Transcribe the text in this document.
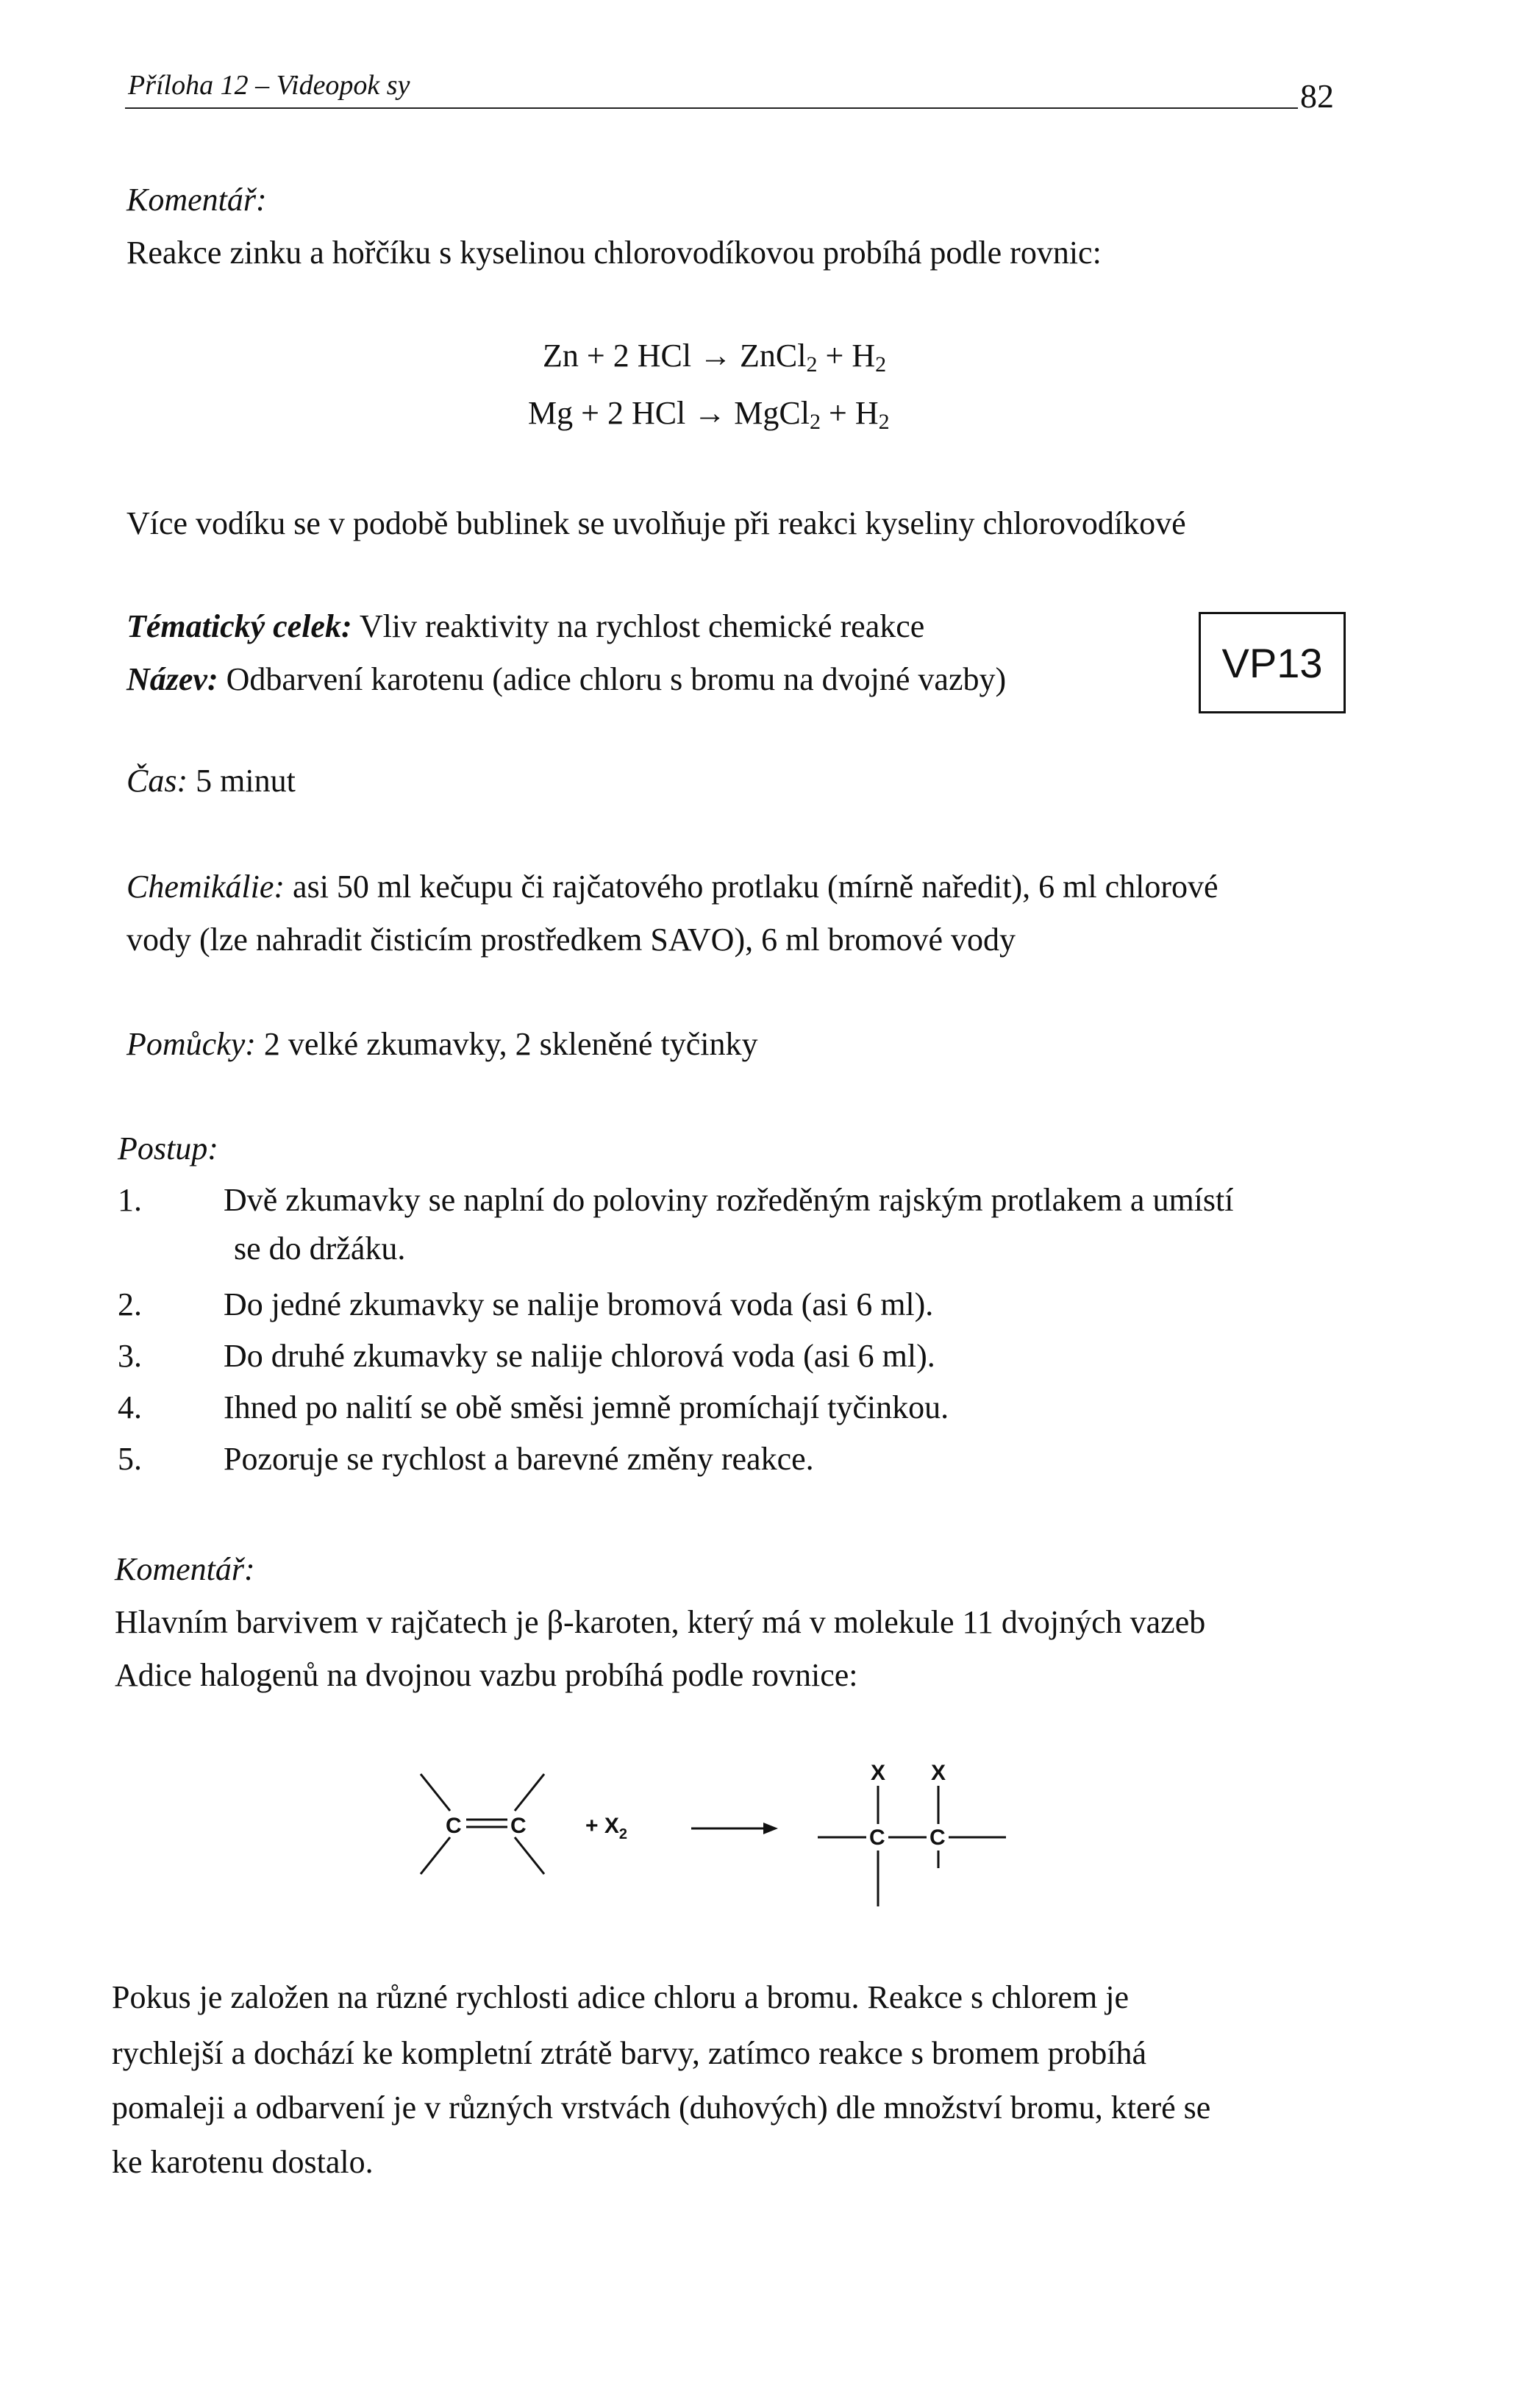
Příloha 12 – Videopok sy	82
Komentář:
Reakce zinku a hořčíku s kyselinou chlorovodíkovou probíhá podle rovnic:
Zn + 2 HCl → ZnCl$_2$ + $H_2$
Mg + 2 HCl → MgCl$_2$ + $H_2$
Více vodíku se v podobě bublinek se uvolňuje při reakci kyseliny chlorovodíkové
Tématický celek: Vliv reaktivity na rychlost chemické reakce
Název: Odbarvení karotenu (adice chloru s bromu na dvojné vazby)	VP13
Čas: 5 minut
Chemikálie: asi 50 ml kečupu či rajčatového protlaku (mírně naředit), 6 ml chlorové
vody (lze nahradit čisticím prostředkem SAVO), 6 ml bromové vody
Pomůcky: 2 velké zkumavky, 2 skleněné tyčinky
Postup:
1.	Dvě zkumavky se naplní do poloviny rozředěným rajským protlakem a umístí
se do držáku.
2.	Do jedné zkumavky se nalije bromová voda (asi 6 ml).
3.	Do druhé zkumavky se nalije chlorová voda (asi 6 ml).
4.	Ihned po nalití se obě směsi jemně promíchají tyčinkou.
5.	Pozoruje se rychlost a barevné změny reakce.
Komentář:
Hlavním barvivem v rajčatech je β-karoten, který má v molekule 11 dvojných vazeb
Adice halogenů na dvojnou vazbu probíhá podle rovnice:
C C	+ $X_2$
X X
C C
Pokus je založen na různé rychlosti adice chloru a bromu. Reakce s chlorem je
rychlejší a dochází ke kompletní ztrátě barvy, zatímco reakce s bromem probíhá
pomaleji a odbarvení je v různých vrstvách (duhových) dle množství bromu, které se
ke karotenu dostalo.
